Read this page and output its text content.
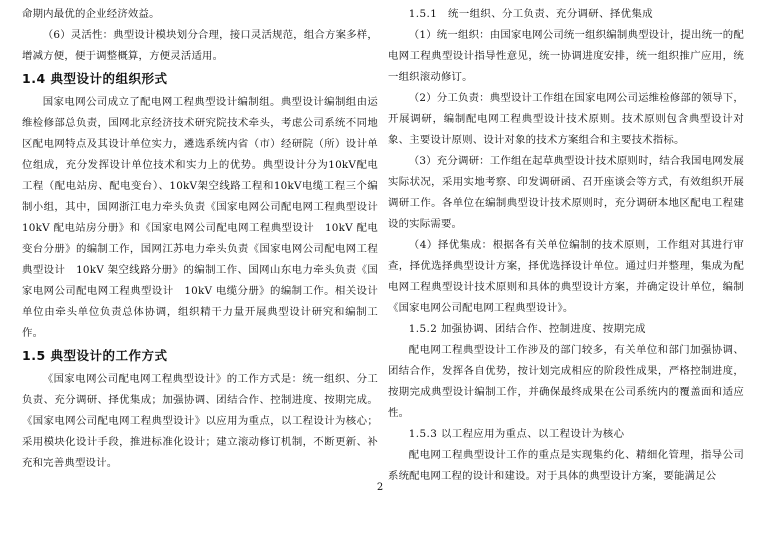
命期内最优的企业经济效益。

（6）灵活性：典型设计模块划分合理，接口灵活规范，组合方案多样，增减方便，便于调整概算，方便灵活适用。

1.4 典型设计的组织形式

国家电网公司成立了配电网工程典型设计编制组。典型设计编制组由运维检修部总负责，国网北京经济技术研究院技术牵头，考虑公司系统不同地区配电网特点及其设计单位实力，遴选系统内省（市）经研院（所）设计单位组成，充分发挥设计单位技术和实力上的优势。典型设计分为10kV配电工程（配电站房、配电变台）、10kV架空线路工程和10kV电缆工程三个编制小组，其中，国网浙江电力牵头负责《国家电网公司配电网工程典型设计　10kV 配电站房分册》和《国家电网公司配电网工程典型设计　10kV 配电变台分册》的编制工作，国网江苏电力牵头负责《国家电网公司配电网工程典型设计　10kV 架空线路分册》的编制工作、国网山东电力牵头负责《国家电网公司配电网工程典型设计　10kV 电缆分册》的编制工作。相关设计单位由牵头单位负责总体协调，组织精干力量开展典型设计研究和编制工作。

1.5 典型设计的工作方式

《国家电网公司配电网工程典型设计》的工作方式是：统一组织、分工负责、充分调研、择优集成；加强协调、团结合作、控制进度、按期完成。《国家电网公司配电网工程典型设计》以应用为重点，以工程设计为核心；采用模块化设计手段，推进标准化设计；建立滚动修订机制，不断更新、补充和完善典型设计。

1.5.1　统一组织、分工负责、充分调研、择优集成

（1）统一组织：由国家电网公司统一组织编制典型设计，提出统一的配电网工程典型设计指导性意见，统一协调进度安排，统一组织推广应用，统一组织滚动修订。

（2）分工负责：典型设计工作组在国家电网公司运维检修部的领导下，开展调研，编制配电网工程典型设计技术原则。技术原则包含典型设计对象、主要设计原则、设计对象的技术方案组合和主要技术指标。

（3）充分调研：工作组在起草典型设计技术原则时，结合我国电网发展实际状况，采用实地考察、印发调研函、召开座谈会等方式，有效组织开展调研工作。各单位在编制典型设计技术原则时，充分调研本地区配电工程建设的实际需要。

（4）择优集成：根据各有关单位编制的技术原则，工作组对其进行审查，择优选择典型设计方案，择优选择设计单位。通过归并整理，集成为配电网工程典型设计技术原则和具体的典型设计方案，并确定设计单位，编制《国家电网公司配电网工程典型设计》。

1.5.2 加强协调、团结合作、控制进度、按期完成

配电网工程典型设计工作涉及的部门较多，有关单位和部门加强协调、团结合作，发挥各自优势，按计划完成相应的阶段性成果，严格控制进度，按期完成典型设计编制工作，并确保最终成果在公司系统内的覆盖面和适应性。

1.5.3 以工程应用为重点、以工程设计为核心

配电网工程典型设计工作的重点是实现集约化、精细化管理，指导公司系统配电网工程的设计和建设。对于具体的典型设计方案，要能满足公

2
